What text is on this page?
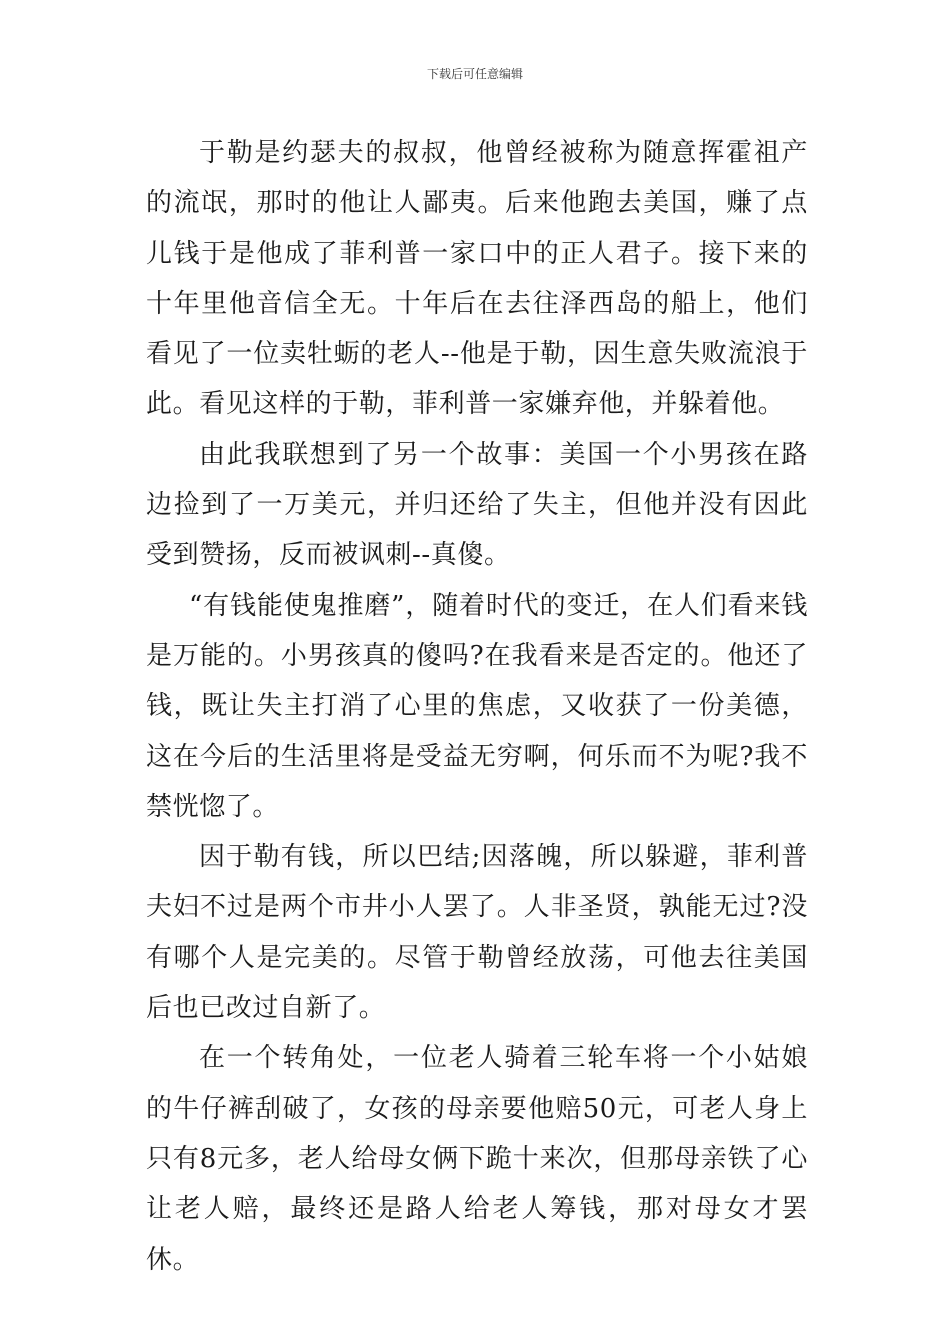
下载后可任意编辑

于勒是约瑟夫的叔叔，他曾经被称为随意挥霍祖产的流氓，那时的他让人鄙夷。后来他跑去美国，赚了点儿钱于是他成了菲利普一家口中的正人君子。接下来的十年里他音信全无。十年后在去往泽西岛的船上，他们看见了一位卖牡蛎的老人--他是于勒，因生意失败流浪于此。看见这样的于勒，菲利普一家嫌弃他，并躲着他。

由此我联想到了另一个故事：美国一个小男孩在路边捡到了一万美元，并归还给了失主，但他并没有因此受到赞扬，反而被讽刺--真傻。

“有钱能使鬼推磨”，随着时代的变迁，在人们看来钱是万能的。小男孩真的傻吗?在我看来是否定的。他还了钱，既让失主打消了心里的焦虑，又收获了一份美德，这在今后的生活里将是受益无穷啊，何乐而不为呢?我不禁恍惚了。

因于勒有钱，所以巴结;因落魄，所以躲避，菲利普夫妇不过是两个市井小人罢了。人非圣贤，孰能无过?没有哪个人是完美的。尽管于勒曾经放荡，可他去往美国后也已改过自新了。

在一个转角处，一位老人骑着三轮车将一个小姑娘的牛仔裤刮破了，女孩的母亲要他赔50元，可老人身上只有8元多，老人给母女俩下跪十来次，但那母亲铁了心让老人赔，最终还是路人给老人筹钱，那对母女才罢休。
